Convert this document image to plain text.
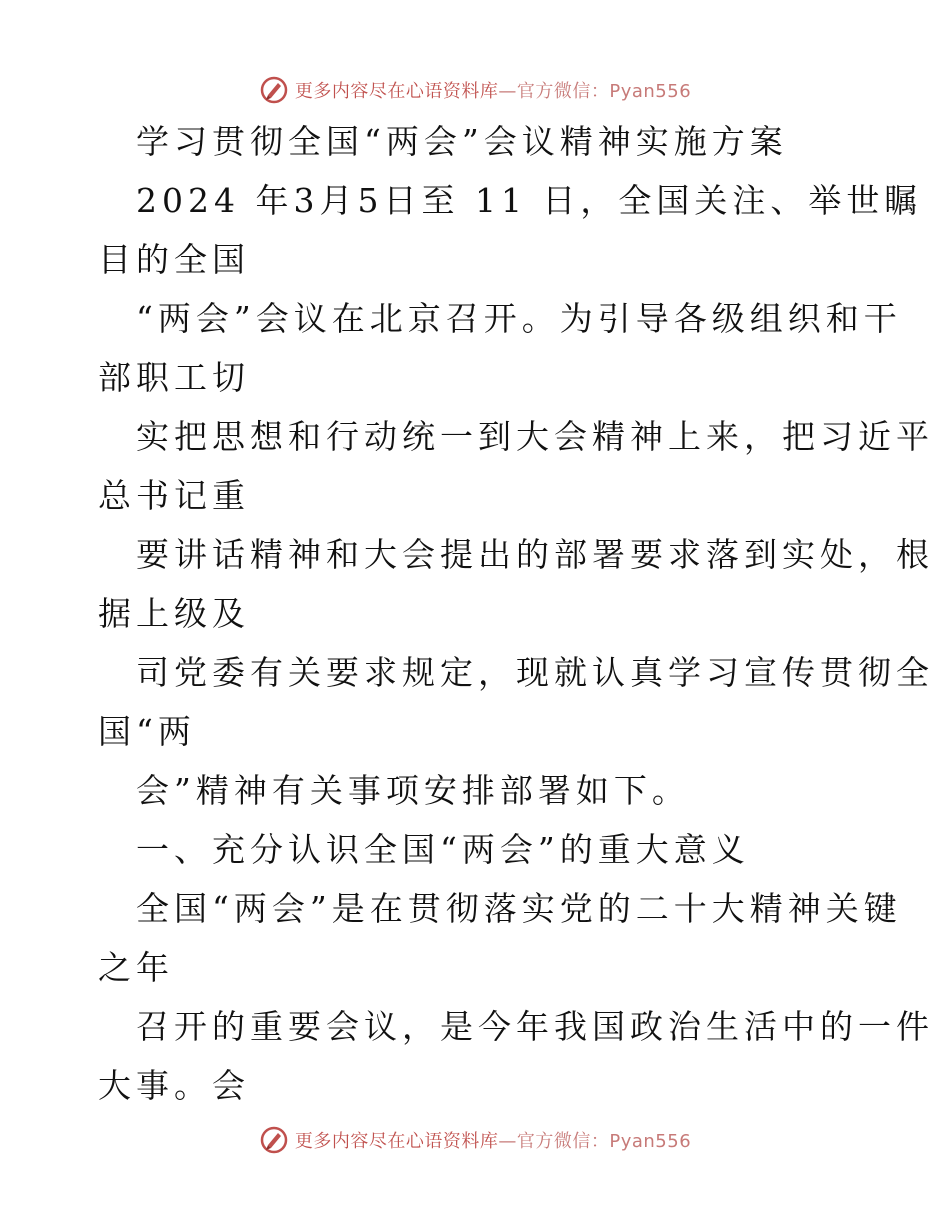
更多内容尽在心语资料库—官方微信：Pyan556
学习贯彻全国“两会”会议精神实施方案
2024 年3月5日至 11 日，全国关注、举世瞩
目的全国
“两会”会议在北京召开。为引导各级组织和干
部职工切
实把思想和行动统一到大会精神上来，把习近平
总书记重
要讲话精神和大会提出的部署要求落到实处，根
据上级及
司党委有关要求规定，现就认真学习宣传贯彻全
国“两
会”精神有关事项安排部署如下。
一、充分认识全国“两会”的重大意义
全国“两会”是在贯彻落实党的二十大精神关键
之年
召开的重要会议，是今年我国政治生活中的一件
大事。会
更多内容尽在心语资料库—官方微信：Pyan556
